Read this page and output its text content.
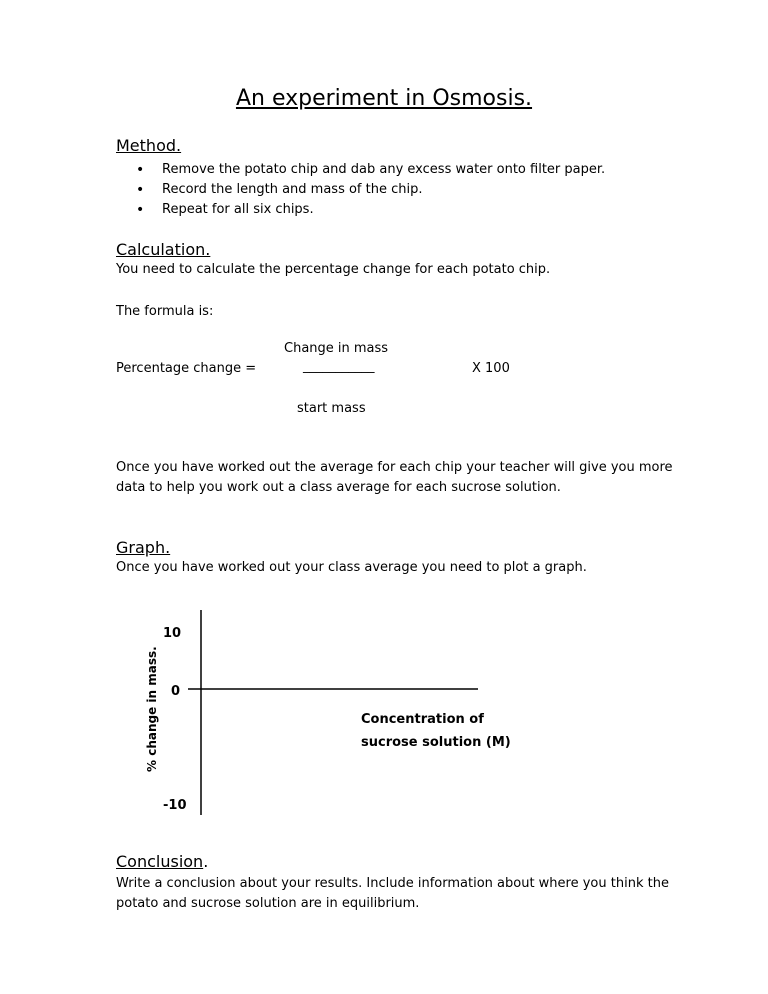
An experiment in Osmosis.
Method.
• Remove the potato chip and dab any excess water onto filter paper.
• Record the length and mass of the chip.
• Repeat for all six chips.
Calculation.
You need to calculate the percentage change for each potato chip.
The formula is:
Change in mass
Percentage change =	___________	X 100
start mass
Once you have worked out the average for each chip your teacher will give you more data to help you work out a class average for each sucrose solution.
Graph.
Once you have worked out your class average you need to plot a graph.
10
0
-10
% change in mass.	Concentration of
sucrose solution (M)
Conclusion.
Write a conclusion about your results. Include information about where you think the potato and sucrose solution are in equilibrium.
